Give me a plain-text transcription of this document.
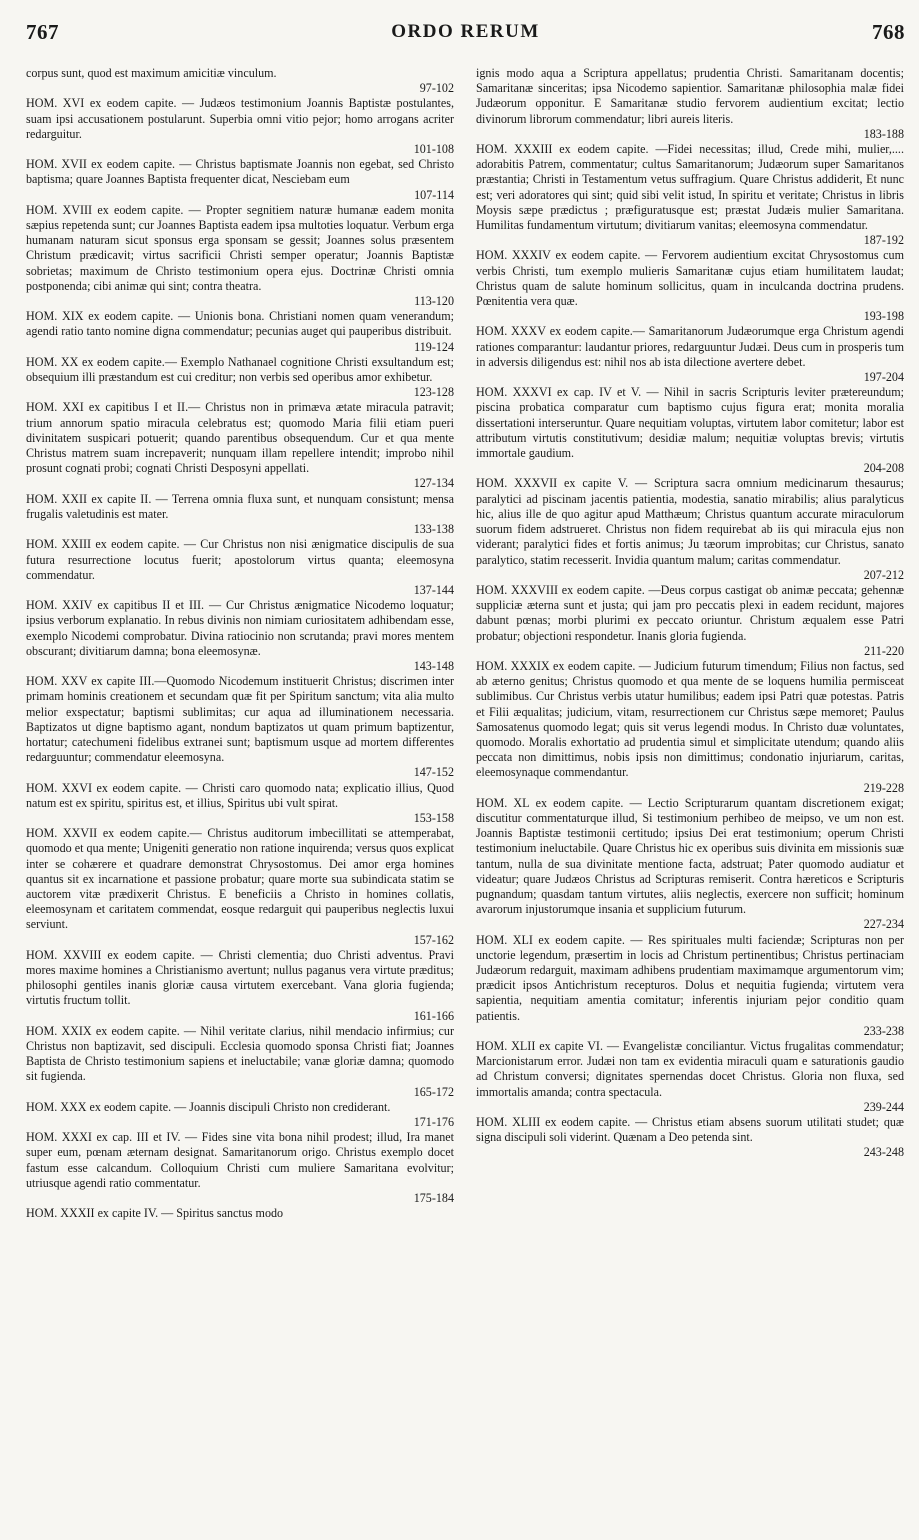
767	ORDO RERUM	768

corpus sunt, quod est maximum amicitiæ vinculum.
97-102

HOM. XVI ex eodem capite. — Judæos testimonium Joannis Baptistæ postulantes, suam ipsi accusationem postularunt. Superbia omni vitio pejor; homo arrogans acriter redarguitur.
101-108

HOM. XVII ex eodem capite. — Christus baptismate Joannis non egebat, sed Christo baptisma; quare Joannes Baptista frequenter dicat, Nesciebam eum
107-114

HOM. XVIII ex eodem capite. — Propter segnitiem naturæ humanæ eadem monita sæpius repetenda sunt; cur Joannes Baptista eadem ipsa multoties loquatur. Verbum erga humanam naturam sicut sponsus erga sponsam se gessit; Joannes solus præsentem Christum prædicavit; virtus sacrificii Christi semper operatur; Joannis Baptistæ sobrietas; maximum de Christo testimonium opera ejus. Doctrinæ Christi omnia postponenda; cibi animæ qui sint; contra theatra.
113-120

HOM. XIX ex eodem capite. — Unionis bona. Christiani nomen quam venerandum; agendi ratio tanto nomine digna commendatur; pecunias auget qui pauperibus distribuit.
119-124

HOM. XX ex eodem capite.— Exemplo Nathanael cognitione Christi exsultandum est; obsequium illi præstandum est cui creditur; non verbis sed operibus amor exhibetur.
123-128

HOM. XXI ex capitibus I et II.— Christus non in primæva ætate miracula patravit; trium annorum spatio miracula celebratus est; quomodo Maria filii etiam pueri divinitatem suspicari potuerit; quando parentibus obsequendum. Cur et qua mente Christus matrem suam increpaverit; nunquam illam repellere intendit; improbo nihil prosunt cognati probi; cognati Christi Desposyni appellati.
127-134

HOM. XXII ex capite II. — Terrena omnia fluxa sunt, et nunquam consistunt; mensa frugalis valetudinis est mater.
133-138

HOM. XXIII ex eodem capite. — Cur Christus non nisi ænigmatice discipulis de sua futura resurrectione locutus fuerit; apostolorum virtus quanta; eleemosyna commendatur.
137-144

HOM. XXIV ex capitibus II et III. — Cur Christus ænigmatice Nicodemo loquatur; ipsius verborum explanatio. In rebus divinis non nimiam curiositatem adhibendam esse, exemplo Nicodemi comprobatur. Divina ratiocinio non scrutanda; pravi mores mentem obscurant; divitiarum damna; bona eleemosynæ.
143-148

HOM. XXV ex capite III.—Quomodo Nicodemum instituerit Christus; discrimen inter primam hominis creationem et secundam quæ fit per Spiritum sanctum; vita alia multo melior exspectatur; baptismi sublimitas; cur aqua ad illuminationem necessaria. Baptizatos ut digne baptismo agant, nondum baptizatos ut quam primum baptizentur, hortatur; catechumeni fidelibus extranei sunt; baptismum usque ad mortem differentes redarguuntur; commendatur eleemosyna.
147-152

HOM. XXVI ex eodem capite. — Christi caro quomodo nata; explicatio illius, Quod natum est ex spiritu, spiritus est, et illius, Spiritus ubi vult spirat.
153-158

HOM. XXVII ex eodem capite.— Christus auditorum imbecillitati se attemperabat, quomodo et qua mente; Unigeniti generatio non ratione inquirenda; versus quos explicat inter se cohærere et quadrare demonstrat Chrysostomus. Dei amor erga homines quantus sit ex incarnatione et passione probatur; quare morte sua subindicata statim se auctorem vitæ prædixerit Christus. E beneficiis a Christo in homines collatis, eleemosynam et caritatem commendat, eosque redarguit qui pauperibus neglectis luxui serviunt.
157-162

HOM. XXVIII ex eodem capite. — Christi clementia; duo Christi adventus. Pravi mores maxime homines a Christianismo avertunt; nullus paganus vera virtute præditus; philosophi gentiles inanis gloriæ causa virtutem exercebant. Vana gloria fugienda; virtutis fructum tollit.
161-166

HOM. XXIX ex eodem capite. — Nihil veritate clarius, nihil mendacio infirmius; cur Christus non baptizavit, sed discipuli. Ecclesia quomodo sponsa Christi fiat; Joannes Baptista de Christo testimonium sapiens et ineluctabile; vanæ gloriæ damna; quomodo sit fugienda.
165-172

HOM. XXX ex eodem capite. — Joannis discipuli Christo non crediderant.
171-176

HOM. XXXI ex cap. III et IV. — Fides sine vita bona nihil prodest; illud, Ira manet super eum, pœnam æternam designat. Samaritanorum origo. Christus exemplo docet fastum esse calcandum. Colloquium Christi cum muliere Samaritana evolvitur; utriusque agendi ratio commentatur.
175-184

HOM. XXXII ex capite IV. — Spiritus sanctus modo

ignis modo aqua a Scriptura appellatus; prudentia Christi. Samaritanam docentis; Samaritanæ sinceritas; ipsa Nicodemo sapientior. Samaritanæ philosophia malæ fidei Judæorum opponitur. E Samaritanæ studio fervorem audientium excitat; lectio divinorum librorum commendatur; libri aureis literis.
183-188

HOM. XXXIII ex eodem capite. —Fidei necessitas; illud, Crede mihi, mulier,.... adorabitis Patrem, commentatur; cultus Samaritanorum; Judæorum super Samaritanos præstantia; Christi in Testamentum vetus suffragium. Quare Christus addiderit, Et nunc est; veri adoratores qui sint; quid sibi velit istud, In spiritu et veritate; Christus in libris Moysis sæpe prædictus ; præfiguratusque est; præstat Judæis mulier Samaritana. Humilitas fundamentum virtutum; divitiarum vanitas; eleemosyna commendatur.
187-192

HOM. XXXIV ex eodem capite. — Fervorem audientium excitat Chrysostomus cum verbis Christi, tum exemplo mulieris Samaritanæ cujus etiam humilitatem laudat; Christus quam de salute hominum sollicitus, quam in inculcanda doctrina prudens. Pœnitentia vera quæ.
193-198

HOM. XXXV ex eodem capite.— Samaritanorum Judæorumque erga Christum agendi rationes comparantur: laudantur priores, redarguuntur Judæi. Deus cum in prosperis tum in adversis diligendus est: nihil nos ab ista dilectione avertere debet.
197-204

HOM. XXXVI ex cap. IV et V. — Nihil in sacris Scripturis leviter prætereundum; piscina probatica comparatur cum baptismo cujus figura erat; monita moralia dissertationi interseruntur. Quare nequitiam voluptas, virtutem labor comitetur; labor est attributum virtutis constitutivum; desidiæ malum; nequitiæ voluptas brevis; virtutis immortale gaudium.
204-208

HOM. XXXVII ex capite V. — Scriptura sacra omnium medicinarum thesaurus; paralytici ad piscinam jacentis patientia, modestia, sanatio mirabilis; alius paralyticus hic, alius ille de quo agitur apud Matthæum; Christus quantum accurate miraculorum suorum fidem adstrueret. Christus non fidem requirebat ab iis qui miracula ejus non viderant; paralytici fides et fortis animus; Ju tæorum improbitas; cur Christus, sanato paralytico, statim recesserit. Invidia quantum malum; caritas commendatur.
207-212

HOM. XXXVIII ex eodem capite. —Deus corpus castigat ob animæ peccata; gehennæ suppliciæ æterna sunt et justa; qui jam pro peccatis plexi in eadem recidunt, majores dabunt pœnas; morbi plurimi ex peccato oriuntur. Christum æqualem esse Patri probatur; objectioni respondetur. Inanis gloria fugienda.
211-220

HOM. XXXIX ex eodem capite. — Judicium futurum timendum; Filius non factus, sed ab æterno genitus; Christus quomodo et qua mente de se loquens humilia permisceat sublimibus. Cur Christus verbis utatur humilibus; eadem ipsi Patri quæ potestas. Patris et Filii æqualitas; judicium, vitam, resurrectionem cur Christus sæpe memoret; Paulus Samosatenus quomodo legat; quis sit verus legendi modus. In Christo duæ voluntates, quomodo. Moralis exhortatio ad prudentia simul et simplicitate utendum; quando aliis peccata non dimittimus, nobis ipsis non dimittimus; condonatio injuriarum, caritas, eleemosynaque commendantur.
219-228

HOM. XL ex eodem capite. — Lectio Scripturarum quantam discretionem exigat; discutitur commentaturque illud, Si testimonium perhibeo de meipso, ve um non est. Joannis Baptistæ testimonii certitudo; ipsius Dei erat testimonium; operum Christi testimonium ineluctabile. Quare Christus hic ex operibus suis divinita em missionis suæ tantum, nulla de sua divinitate mentione facta, adstruat; Pater quomodo audiatur et videatur; quare Judæos Christus ad Scripturas remiserit. Contra hæreticos e Scripturis pugnandum; quasdam tantum virtutes, aliis neglectis, exercere non sufficit; hominum avarorum injustorumque insania et supplicium futurum.
227-234

HOM. XLI ex eodem capite. — Res spirituales multi faciendæ; Scripturas non per unctorie legendum, præsertim in locis ad Christum pertinentibus; Christus pertinaciam Judæorum redarguit, maximam adhibens prudentiam maximamque argumentorum vim; prædicit ipsos Antichristum recepturos. Dolus et nequitia fugienda; virtutem vera sapientia, nequitiam amentia comitatur; inferentis injuriam pejor conditio quam patientis.
233-238

HOM. XLII ex capite VI. — Evangelistæ conciliantur. Victus frugalitas commendatur; Marcionistarum error. Judæi non tam ex evidentia miraculi quam e saturationis gaudio ad Christum conversi; dignitates spernendas docet Christus. Gloria non fluxa, sed immortalis amanda; contra spectacula.
239-244

HOM. XLIII ex eodem capite. — Christus etiam absens suorum utilitati studet; quæ signa discipuli soli viderint. Quænam a Deo petenda sint.
243-248
